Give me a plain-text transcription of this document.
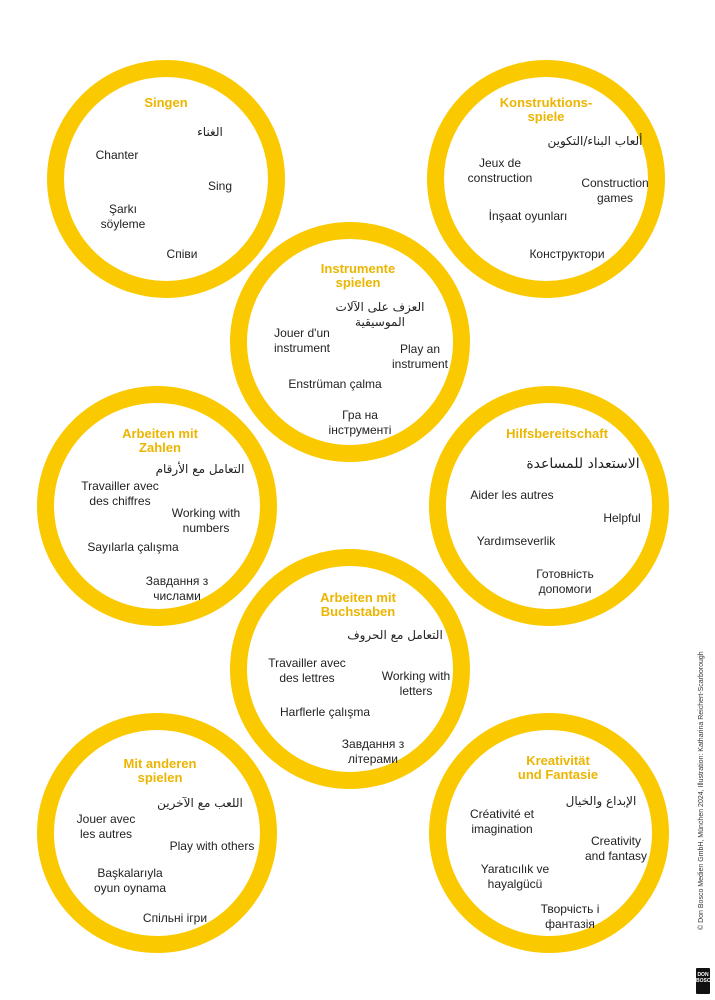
Singen
الغناء
Chanter
Sing
Şarkı
söyleme
Співи
Konstruktions-
spiele
ألعاب البناء/التكوين
Jeux de
construction	Construction
games
İnşaat oyunları
Конструктори
Instrumente
spielen
العزف على الآلات الموسيقية
Jouer d'un
instrument	Play an
instrument
Enstrüman çalma
Гра на
інструменті
Arbeiten mit
Zahlen
التعامل مع الأرقام
Travailler avec
des chiffres
Working with
numbers
Sayılarla çalışma
Завдання з
числами
Hilfsbereitschaft
الاستعداد للمساعدة
Aider les autres
Helpful
Yardımseverlik
Готовність
допомоги
Arbeiten mit
Buchstaben
التعامل مع الحروف
Travailler avec
des lettres	Working with
letters
Harflerle çalışma
Завдання з
літерами
Mit anderen
spielen
اللعب مع الآخرين
Jouer avec
les autres
Play with others
Başkalarıyla
oyun oynama
Спільні ігри
Kreativität
und Fantasie
الإبداع والخيال
Créativité et
imagination
Creativity
and fantasy
Yaratıcılık ve
hayalgücü
Творчість і
фантазія	© Don Bosco Medien GmbH, München 2024, Illustration: Katharina Reichert-Scarborough
DON
BOSCO
